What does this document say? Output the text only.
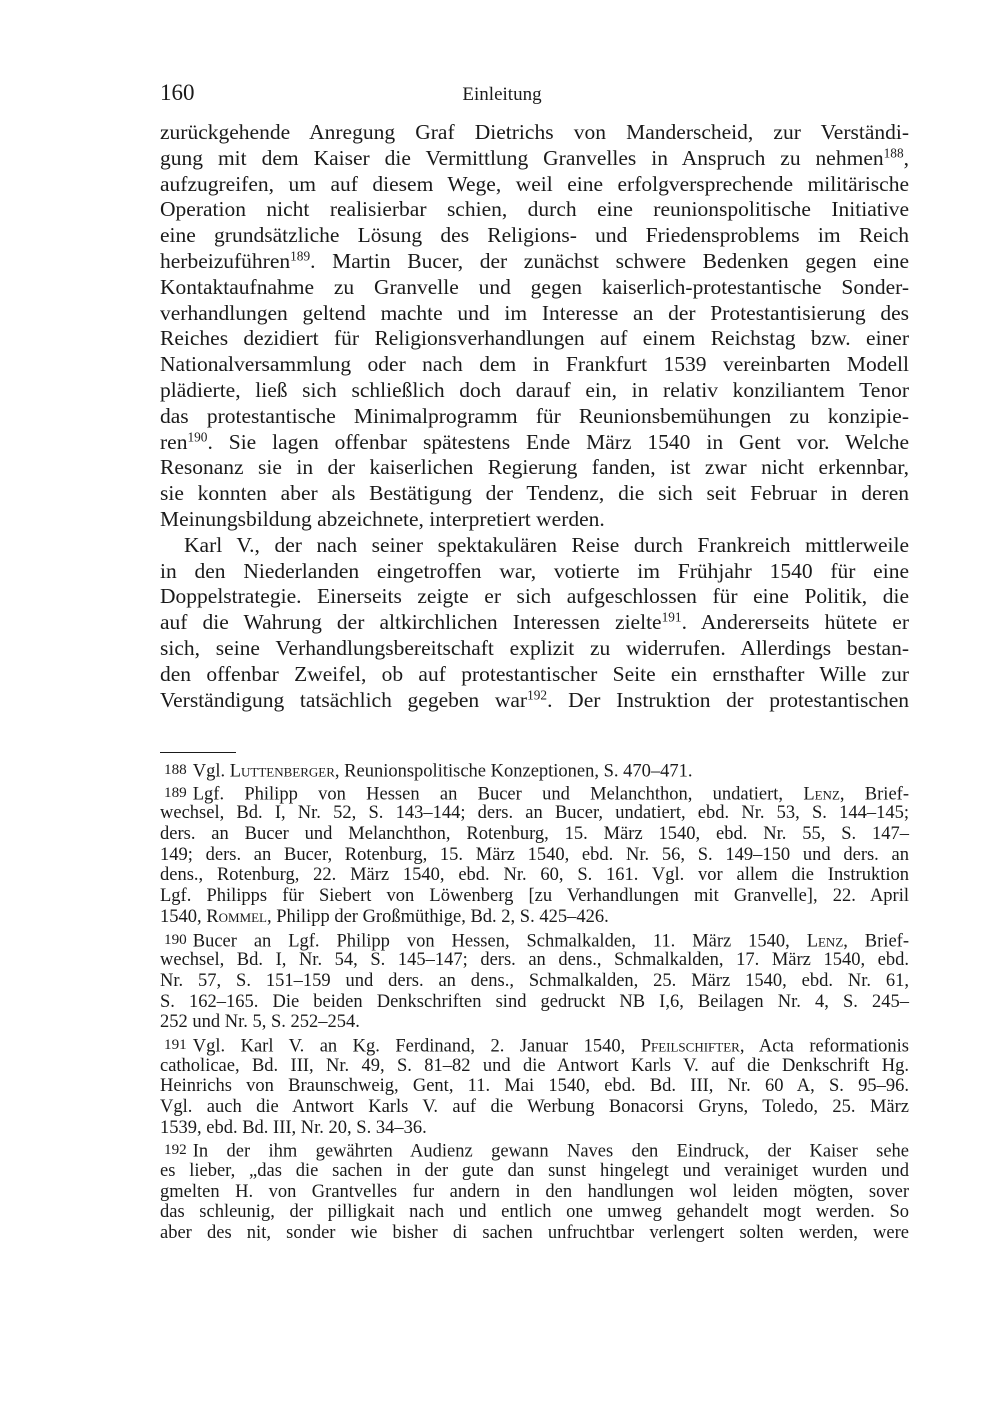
160	Einleitung
zurückgehende Anregung Graf Dietrichs von Manderscheid, zur Verständi-
gung mit dem Kaiser die Vermittlung Granvelles in Anspruch zu nehmen$^{188}$,
aufzugreifen, um auf diesem Wege, weil eine erfolgversprechende militärische
Operation nicht realisierbar schien, durch eine reunionspolitische Initiative
eine grundsätzliche Lösung des Religions- und Friedensproblems im Reich
herbeizuführen$^{189}$. Martin Bucer, der zunächst schwere Bedenken gegen eine
Kontaktaufnahme zu Granvelle und gegen kaiserlich-protestantische Sonder-
verhandlungen geltend machte und im Interesse an der Protestantisierung des
Reiches dezidiert für Religionsverhandlungen auf einem Reichstag bzw. einer
Nationalversammlung oder nach dem in Frankfurt 1539 vereinbarten Modell
plädierte, ließ sich schließlich doch darauf ein, in relativ konziliantem Tenor
das protestantische Minimalprogramm für Reunionsbemühungen zu konzipie-
ren$^{190}$. Sie lagen offenbar spätestens Ende März 1540 in Gent vor. Welche
Resonanz sie in der kaiserlichen Regierung fanden, ist zwar nicht erkennbar,
sie konnten aber als Bestätigung der Tendenz, die sich seit Februar in deren
Meinungsbildung abzeichnete, interpretiert werden.
Karl V., der nach seiner spektakulären Reise durch Frankreich mittlerweile
in den Niederlanden eingetroffen war, votierte im Frühjahr 1540 für eine
Doppelstrategie. Einerseits zeigte er sich aufgeschlossen für eine Politik, die
auf die Wahrung der altkirchlichen Interessen zielte$^{191}$. Andererseits hütete er
sich, seine Verhandlungsbereitschaft explizit zu widerrufen. Allerdings bestan-
den offenbar Zweifel, ob auf protestantischer Seite ein ernsthafter Wille zur
Verständigung tatsächlich gegeben war$^{192}$. Der Instruktion der protestantischen
188 Vgl. Luttenberger, Reunionspolitische Konzeptionen, S. 470–471.
189 Lgf. Philipp von Hessen an Bucer und Melanchthon, undatiert, Lenz, Brief-
wechsel, Bd. I, Nr. 52, S. 143–144; ders. an Bucer, undatiert, ebd. Nr. 53, S. 144–145;
ders. an Bucer und Melanchthon, Rotenburg, 15. März 1540, ebd. Nr. 55, S. 147–
149; ders. an Bucer, Rotenburg, 15. März 1540, ebd. Nr. 56, S. 149–150 und ders. an
dens., Rotenburg, 22. März 1540, ebd. Nr. 60, S. 161. Vgl. vor allem die Instruktion
Lgf. Philipps für Siebert von Löwenberg [zu Verhandlungen mit Granvelle], 22. April
1540, Rommel, Philipp der Großmüthige, Bd. 2, S. 425–426.
190 Bucer an Lgf. Philipp von Hessen, Schmalkalden, 11. März 1540, Lenz, Brief-
wechsel, Bd. I, Nr. 54, S. 145–147; ders. an dens., Schmalkalden, 17. März 1540, ebd.
Nr. 57, S. 151–159 und ders. an dens., Schmalkalden, 25. März 1540, ebd. Nr. 61,
S. 162–165. Die beiden Denkschriften sind gedruckt NB I,6, Beilagen Nr. 4, S. 245–
252 und Nr. 5, S. 252–254.
191 Vgl. Karl V. an Kg. Ferdinand, 2. Januar 1540, Pfeilschifter, Acta reformationis
catholicae, Bd. III, Nr. 49, S. 81–82 und die Antwort Karls V. auf die Denkschrift Hg.
Heinrichs von Braunschweig, Gent, 11. Mai 1540, ebd. Bd. III, Nr. 60 A, S. 95–96.
Vgl. auch die Antwort Karls V. auf die Werbung Bonacorsi Gryns, Toledo, 25. März
1539, ebd. Bd. III, Nr. 20, S. 34–36.
192 In der ihm gewährten Audienz gewann Naves den Eindruck, der Kaiser sehe
es lieber, „das die sachen in der gute dan sunst hingelegt und verainiget wurden und
gmelten H. von Grantvelles fur andern in den handlungen wol leiden mögten, sover
das schleunig, der pilligkait nach und entlich one umweg gehandelt mogt werden. So
aber des nit, sonder wie bisher di sachen unfruchtbar verlengert solten werden, were
